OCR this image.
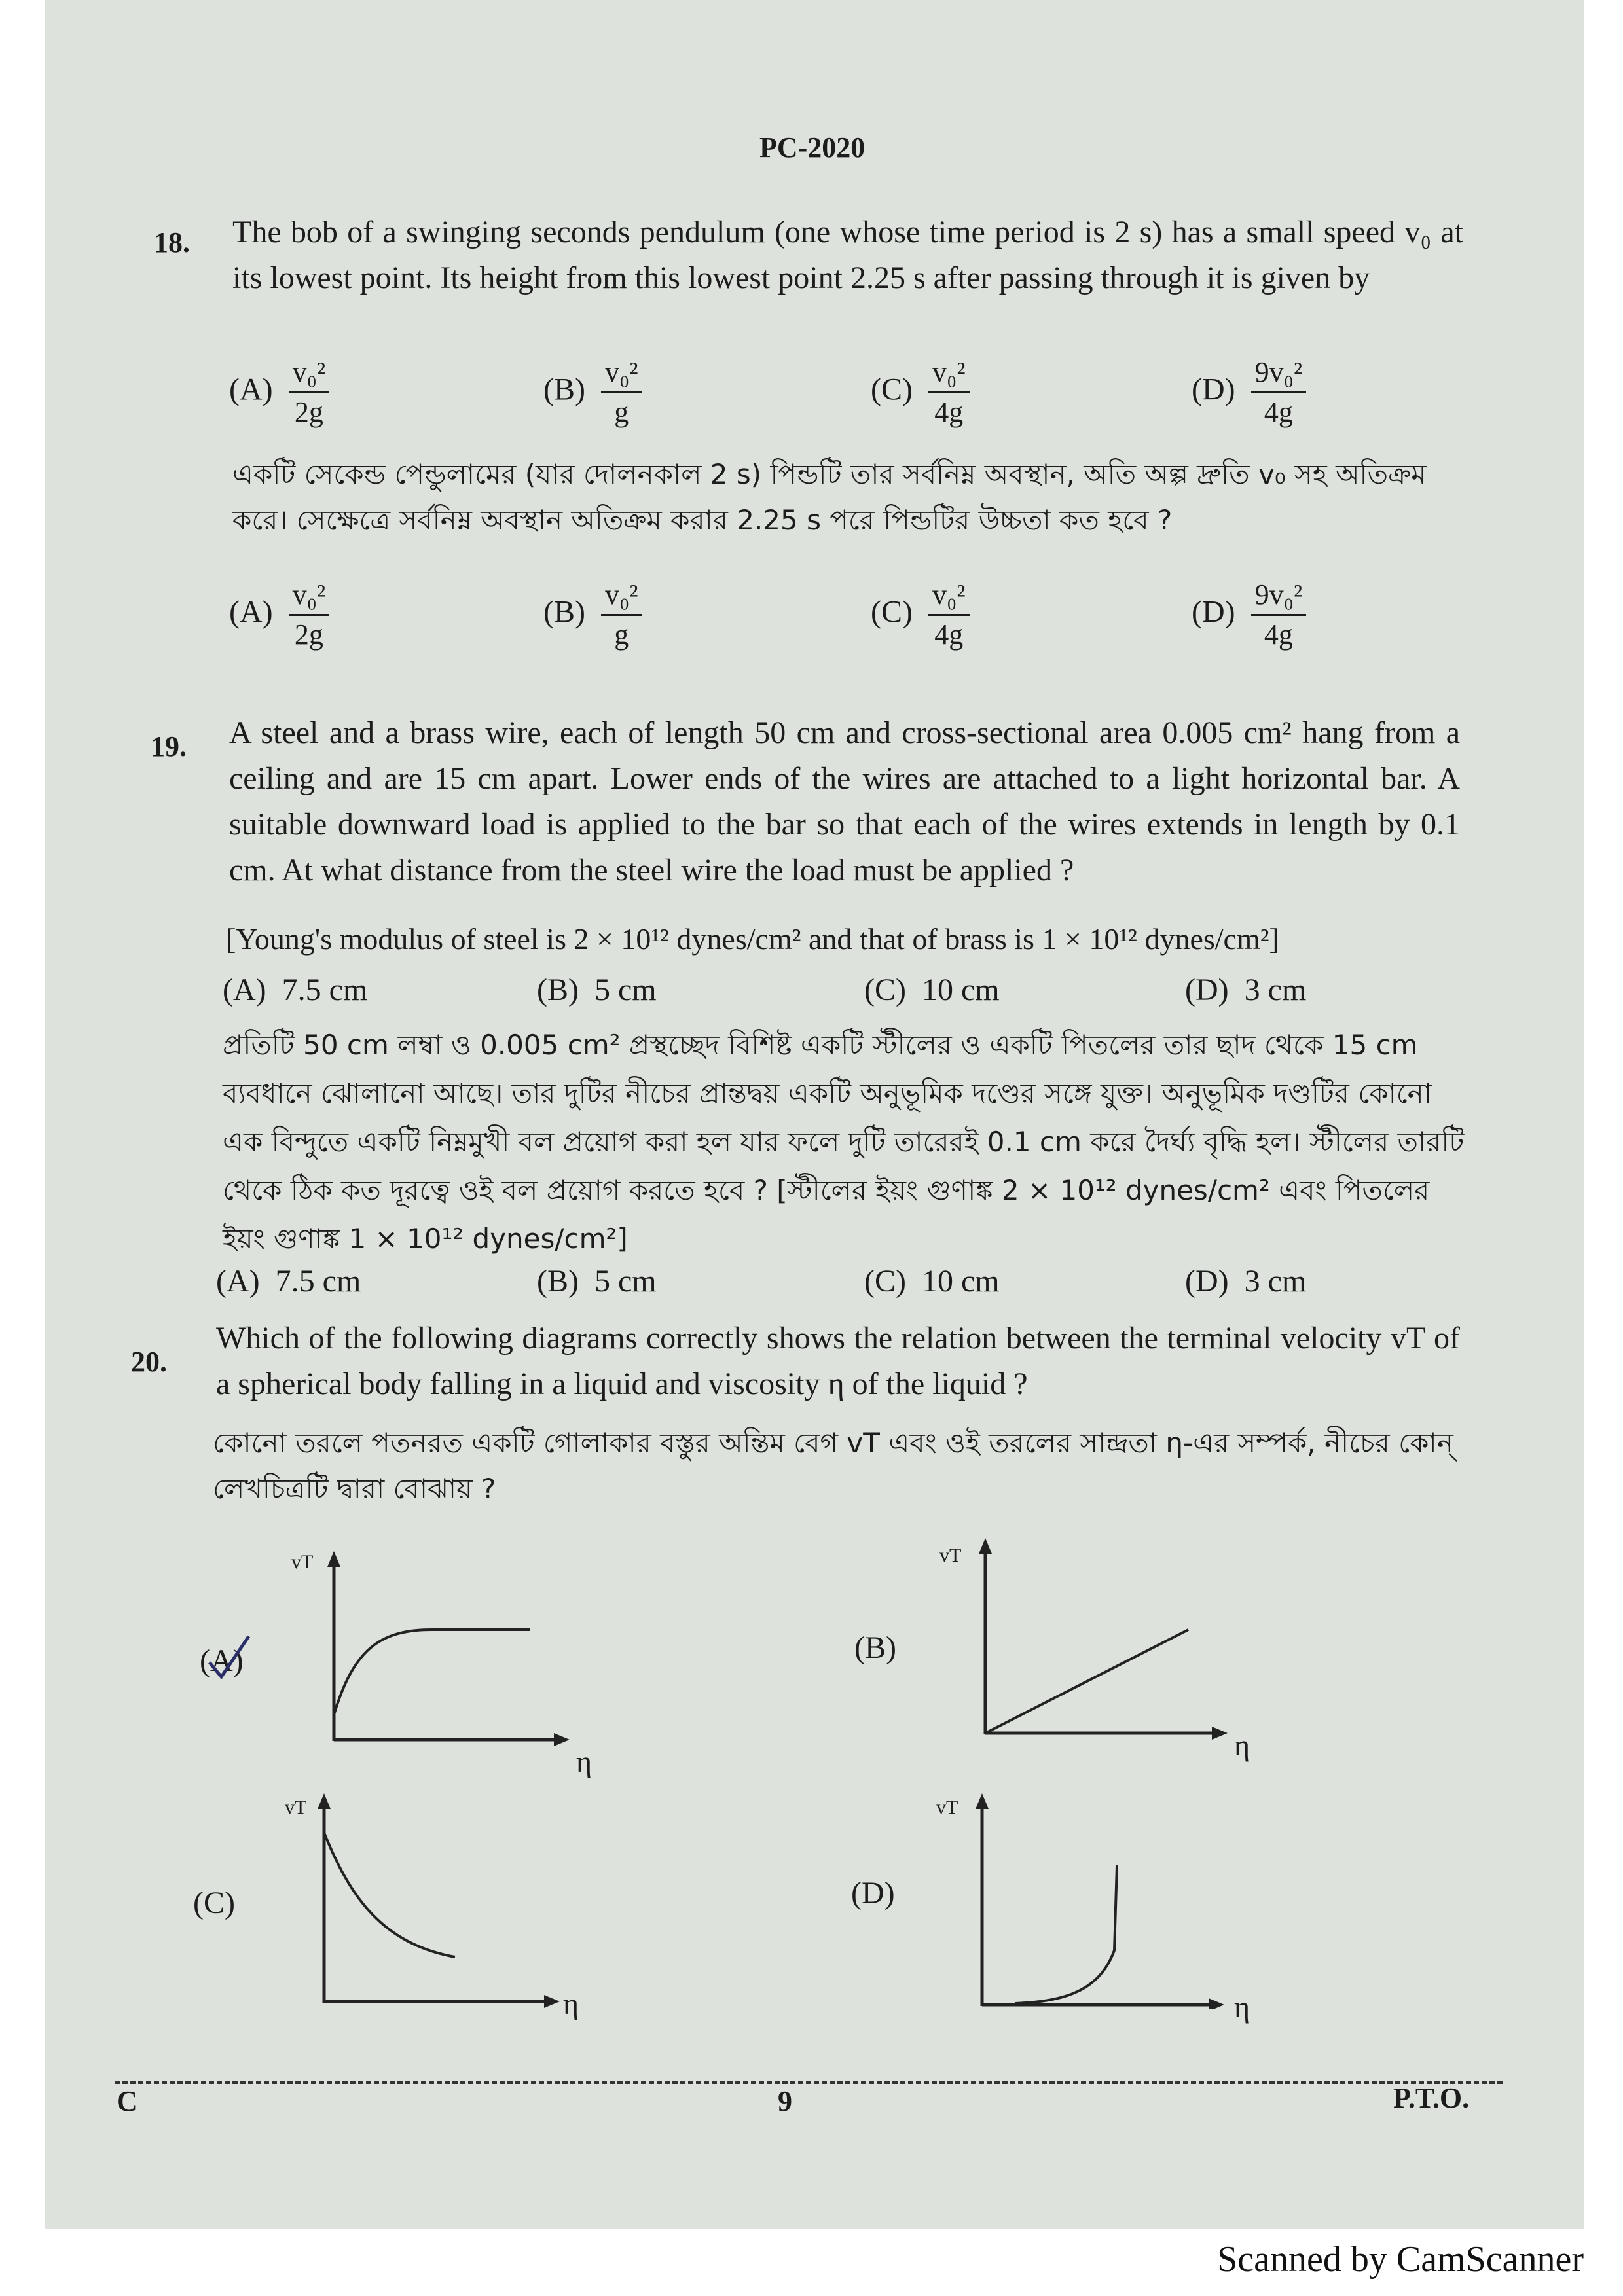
PC-2020
18. The bob of a swinging seconds pendulum (one whose time period is 2 s) has a small speed v₀ at its lowest point. Its height from this lowest point 2.25 s after passing through it is given by
$(A) \frac{\text{v₀²}}{2g}$	$(B) \frac{\text{v₀²}}{g}$	$(C) \frac{\text{v₀²}}{4g}$	$(D) \frac{\text{9v₀²}}{4g}$
একটি সেকেন্ড পেন্ডুলামের (যার দোলনকাল 2 s) পিন্ডটি তার সর্বনিম্ন অবস্থান, অতি অল্প দ্রুতি v₀ সহ অতিক্রম করে। সেক্ষেত্রে সর্বনিম্ন অবস্থান অতিক্রম করার 2.25 s পরে পিন্ডটির উচ্চতা কত হবে ?
$(A) \frac{\text{v₀²}}{2g}$	$(B) \frac{\text{v₀²}}{g}$	$(C) \frac{\text{v₀²}}{4g}$	$(D) \frac{\text{9v₀²}}{4g}$
19. A steel and a brass wire, each of length 50 cm and cross-sectional area 0.005 cm² hang from a ceiling and are 15 cm apart. Lower ends of the wires are attached to a light horizontal bar. A suitable downward load is applied to the bar so that each of the wires extends in length by 0.1 cm. At what distance from the steel wire the load must be applied ?
[Young's modulus of steel is 2 × 10¹² dynes/cm² and that of brass is 1 × 10¹² dynes/cm²]
(A) 7.5 cm	(B) 5 cm	(C) 10 cm	(D) 3 cm
প্রতিটি 50 cm লম্বা ও 0.005 cm² প্রস্থচ্ছেদ বিশিষ্ট একটি স্টীলের ও একটি পিতলের তার ছাদ থেকে 15 cm ব্যবধানে ঝোলানো আছে। তার দুটির নীচের প্রান্তদ্বয় একটি অনুভূমিক দণ্ডের সঙ্গে যুক্ত। অনুভূমিক দণ্ডটির কোনো এক বিন্দুতে একটি নিম্নমুখী বল প্রয়োগ করা হল যার ফলে দুটি তারেরই 0.1 cm করে দৈর্ঘ্য বৃদ্ধি হল। স্টীলের তারটি থেকে ঠিক কত দূরত্বে ওই বল প্রয়োগ করতে হবে ? [স্টীলের ইয়ং গুণাঙ্ক 2 × 10¹² dynes/cm² এবং পিতলের ইয়ং গুণাঙ্ক 1 × 10¹² dynes/cm²]
(A) 7.5 cm	(B) 5 cm	(C) 10 cm	(D) 3 cm
20.
Which of the following diagrams correctly shows the relation between the terminal velocity vT of a spherical body falling in a liquid and viscosity η of the liquid ?
কোনো তরলে পতনরত একটি গোলাকার বস্তুর অন্তিম বেগ vT এবং ওই তরলের সান্দ্রতা η-এর সম্পর্ক, নীচের কোন্‌ লেখচিত্রটি দ্বারা বোঝায় ?
(A)
vT
η
(B)
vT
η
(C)
vT
η
(D)
vT
η
C	9	P.T.O.
Scanned by CamScanner
